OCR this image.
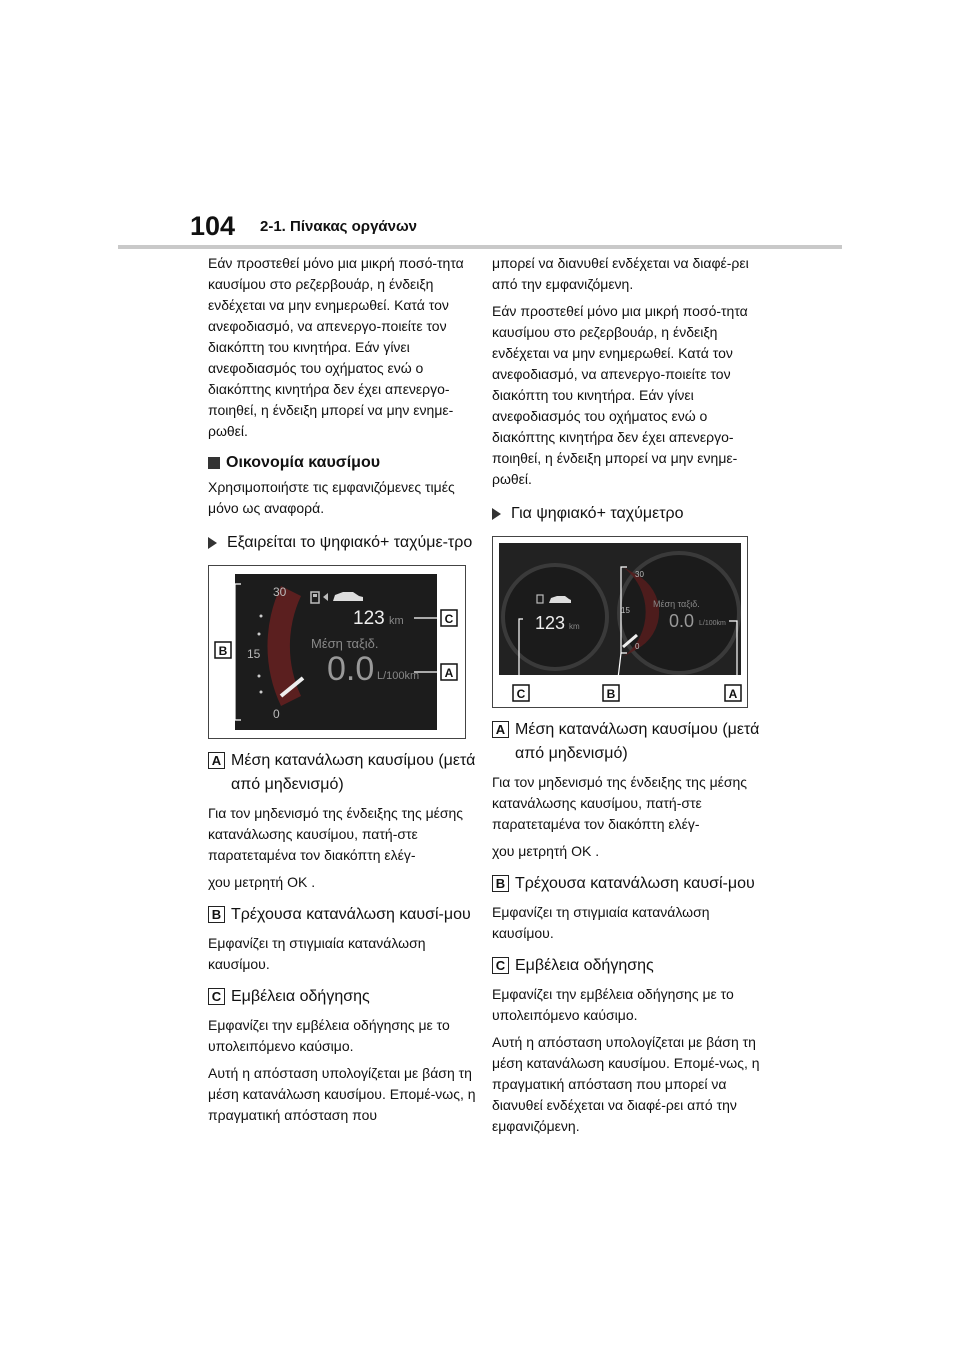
104 2-1. Πίνακας οργάνων

Εάν προστεθεί μόνο μια μικρή ποσό-τητα καυσίμου στο ρεζερβουάρ, η ένδειξη ενδέχεται να μην ενημερωθεί. Κατά τον ανεφοδιασμό, να απενεργο-ποιείτε τον διακόπτη του κινητήρα. Εάν γίνει ανεφοδιασμός του οχήματος ενώ ο διακόπτης κινητήρα δεν έχει απενεργο-ποιηθεί, η ένδειξη μπορεί να μην ενημε-ρωθεί.

Οικονομία καυσίμου

Χρησιμοποιήστε τις εμφανιζόμενες τιμές μόνο ως αναφορά.

Εξαιρείται το ψηφιακό+ ταχύμε-τρο
30
15
0
123 km
Μέση ταξιδ.
0.0 L/100km
B
C
A
A Μέση κατανάλωση καυσίμου (μετά από μηδενισμό)

Για τον μηδενισμό της ένδειξης της μέσης κατανάλωσης καυσίμου, πατή-στε παρατεταμένα τον διακόπτη ελέγ-

χου μετρητή OK .

B Τρέχουσα κατανάλωση καυσί-μου

Εμφανίζει τη στιγμιαία κατανάλωση καυσίμου.

C Εμβέλεια οδήγησης

Εμφανίζει την εμβέλεια οδήγησης με το υπολειπόμενο καύσιμο.

Αυτή η απόσταση υπολογίζεται με βάση τη μέση κατανάλωση καυσίμου. Επομέ-νως, η πραγματική απόσταση που

μπορεί να διανυθεί ενδέχεται να διαφέ-ρει από την εμφανιζόμενη.

Εάν προστεθεί μόνο μια μικρή ποσό-τητα καυσίμου στο ρεζερβουάρ, η ένδειξη ενδέχεται να μην ενημερωθεί. Κατά τον ανεφοδιασμό, να απενεργο-ποιείτε τον διακόπτη του κινητήρα. Εάν γίνει ανεφοδιασμός του οχήματος ενώ ο διακόπτης κινητήρα δεν έχει απενεργο-ποιηθεί, η ένδειξη μπορεί να μην ενημε-ρωθεί.

Για ψηφιακό+ ταχύμετρο
123 km
30
15
0
Μέση ταξιδ.
0.0 L/100km
C	B	A
A Μέση κατανάλωση καυσίμου (μετά από μηδενισμό)

Για τον μηδενισμό της ένδειξης της μέσης κατανάλωσης καυσίμου, πατή-στε παρατεταμένα τον διακόπτη ελέγ-

χου μετρητή OK .

B Τρέχουσα κατανάλωση καυσί-μου

Εμφανίζει τη στιγμιαία κατανάλωση καυσίμου.

C Εμβέλεια οδήγησης

Εμφανίζει την εμβέλεια οδήγησης με το υπολειπόμενο καύσιμο.

Αυτή η απόσταση υπολογίζεται με βάση τη μέση κατανάλωση καυσίμου. Επομέ-νως, η πραγματική απόσταση που μπορεί να διανυθεί ενδέχεται να διαφέ-ρει από την εμφανιζόμενη.
